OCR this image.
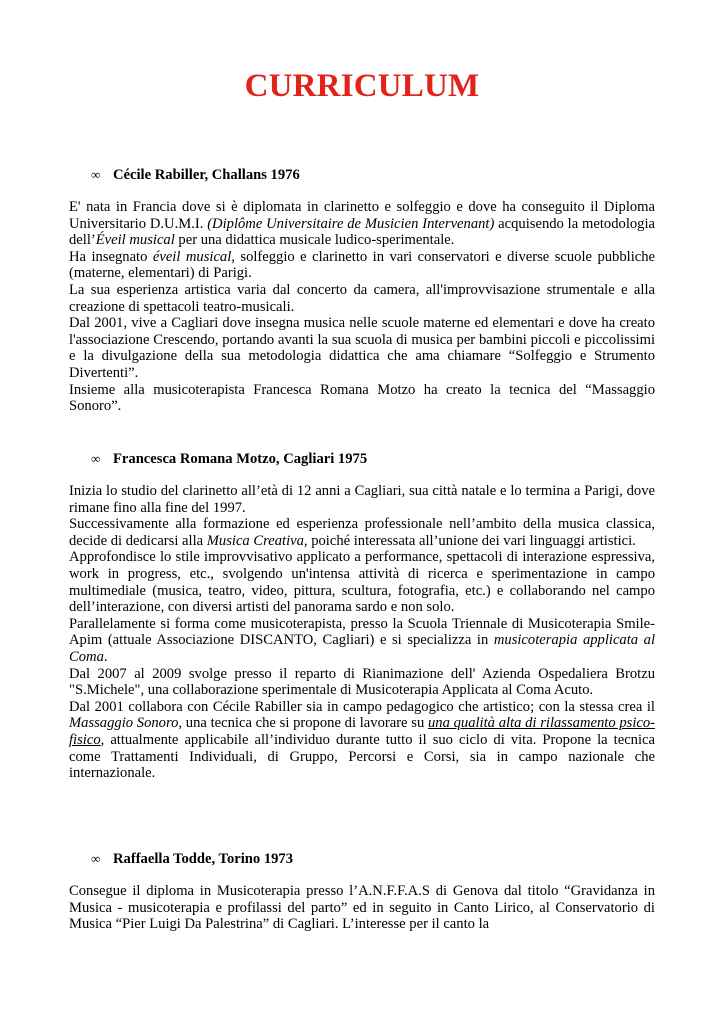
CURRICULUM
∞ Cécile Rabiller, Challans 1976

E' nata in Francia dove si è diplomata in clarinetto e solfeggio e dove ha conseguito il Diploma Universitario D.U.M.I. (Diplôme Universitaire de Musicien Intervenant) acquisendo la metodologia dell’Éveil musical per una didattica musicale ludico-sperimentale.

Ha insegnato éveil musical, solfeggio e clarinetto in vari conservatori e diverse scuole pubbliche (materne, elementari) di Parigi.

La sua esperienza artistica varia dal concerto da camera, all'improvvisazione strumentale e alla creazione di spettacoli teatro-musicali.

Dal 2001, vive a Cagliari dove insegna musica nelle scuole materne ed elementari e dove ha creato l'associazione Crescendo, portando avanti la sua scuola di musica per bambini piccoli e piccolissimi e la divulgazione della sua metodologia didattica che ama chiamare “Solfeggio e Strumento Divertenti”.

Insieme alla musicoterapista Francesca Romana Motzo ha creato la tecnica del “Massaggio Sonoro”.

∞ Francesca Romana Motzo, Cagliari 1975

Inizia lo studio del clarinetto all’età di 12 anni a Cagliari, sua città natale e lo termina a Parigi, dove rimane fino alla fine del 1997.

Successivamente alla formazione ed esperienza professionale nell’ambito della musica classica, decide di dedicarsi alla Musica Creativa, poiché interessata all’unione dei vari linguaggi artistici.

Approfondisce lo stile improvvisativo applicato a performance, spettacoli di interazione espressiva, work in progress, etc., svolgendo un'intensa attività di ricerca e sperimentazione in campo multimediale (musica, teatro, video, pittura, scultura, fotografia, etc.) e collaborando nel campo dell’interazione, con diversi artisti del panorama sardo e non solo.

Parallelamente si forma come musicoterapista, presso la Scuola Triennale di Musicoterapia Smile-Apim (attuale Associazione DISCANTO, Cagliari) e si specializza in musicoterapia applicata al Coma.

Dal 2007 al 2009 svolge presso il reparto di Rianimazione dell' Azienda Ospedaliera Brotzu "S.Michele", una collaborazione sperimentale di Musicoterapia Applicata al Coma Acuto.

Dal 2001 collabora con Cécile Rabiller sia in campo pedagogico che artistico; con la stessa crea il Massaggio Sonoro, una tecnica che si propone di lavorare su una qualità alta di rilassamento psico-fisico, attualmente applicabile all’individuo durante tutto il suo ciclo di vita. Propone la tecnica come Trattamenti Individuali, di Gruppo, Percorsi e Corsi, sia in campo nazionale che internazionale.

∞ Raffaella Todde, Torino 1973

Consegue il diploma in Musicoterapia presso l’A.N.F.F.A.S di Genova dal titolo “Gravidanza in Musica - musicoterapia e profilassi del parto” ed in seguito in Canto Lirico, al Conservatorio di Musica “Pier Luigi Da Palestrina” di Cagliari. L’interesse per il canto la
